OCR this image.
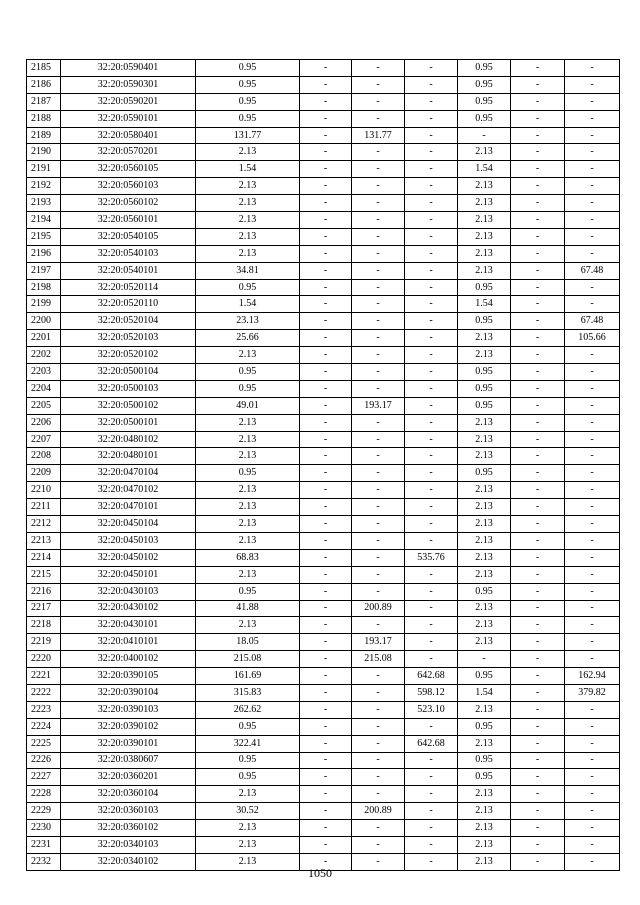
2185	32:20:0590401	0.95	-	-	-	0.95	-	-
2186	32:20:0590301	0.95	-	-	-	0.95	-	-
2187	32:20:0590201	0.95	-	-	-	0.95	-	-
2188	32:20:0590101	0.95	-	-	-	0.95	-	-
2189	32:20:0580401	131.77	-	131.77	-	-	-	-
2190	32:20:0570201	2.13	-	-	-	2.13	-	-
2191	32:20:0560105	1.54	-	-	-	1.54	-	-
2192	32:20:0560103	2.13	-	-	-	2.13	-	-
2193	32:20:0560102	2.13	-	-	-	2.13	-	-
2194	32:20:0560101	2.13	-	-	-	2.13	-	-
2195	32:20:0540105	2.13	-	-	-	2.13	-	-
2196	32:20:0540103	2.13	-	-	-	2.13	-	-
2197	32:20:0540101	34.81	-	-	-	2.13	-	67.48
2198	32:20:0520114	0.95	-	-	-	0.95	-	-
2199	32:20:0520110	1.54	-	-	-	1.54	-	-
2200	32:20:0520104	23.13	-	-	-	0.95	-	67.48
2201	32:20:0520103	25.66	-	-	-	2.13	-	105.66
2202	32:20:0520102	2.13	-	-	-	2.13	-	-
2203	32:20:0500104	0.95	-	-	-	0.95	-	-
2204	32:20:0500103	0.95	-	-	-	0.95	-	-
2205	32:20:0500102	49.01	-	193.17	-	0.95	-	-
2206	32:20:0500101	2.13	-	-	-	2.13	-	-
2207	32:20:0480102	2.13	-	-	-	2.13	-	-
2208	32:20:0480101	2.13	-	-	-	2.13	-	-
2209	32:20:0470104	0.95	-	-	-	0.95	-	-
2210	32:20:0470102	2.13	-	-	-	2.13	-	-
2211	32:20:0470101	2.13	-	-	-	2.13	-	-
2212	32:20:0450104	2.13	-	-	-	2.13	-	-
2213	32:20:0450103	2.13	-	-	-	2.13	-	-
2214	32:20:0450102	68.83	-	-	535.76	2.13	-	-
2215	32:20:0450101	2.13	-	-	-	2.13	-	-
2216	32:20:0430103	0.95	-	-	-	0.95	-	-
2217	32:20:0430102	41.88	-	200.89	-	2.13	-	-
2218	32:20:0430101	2.13	-	-	-	2.13	-	-
2219	32:20:0410101	18.05	-	193.17	-	2.13	-	-
2220	32:20:0400102	215.08	-	215.08	-	-	-	-
2221	32:20:0390105	161.69	-	-	642.68	0.95	-	162.94
2222	32:20:0390104	315.83	-	-	598.12	1.54	-	379.82
2223	32:20:0390103	262.62	-	-	523.10	2.13	-	-
2224	32:20:0390102	0.95	-	-	-	0.95	-	-
2225	32:20:0390101	322.41	-	-	642.68	2.13	-	-
2226	32:20:0380607	0.95	-	-	-	0.95	-	-
2227	32:20:0360201	0.95	-	-	-	0.95	-	-
2228	32:20:0360104	2.13	-	-	-	2.13	-	-
2229	32:20:0360103	30.52	-	200.89	-	2.13	-	-
2230	32:20:0360102	2.13	-	-	-	2.13	-	-
2231	32:20:0340103	2.13	-	-	-	2.13	-	-
2232	32:20:0340102	2.13	-	-	-	2.13	-	-
1050
